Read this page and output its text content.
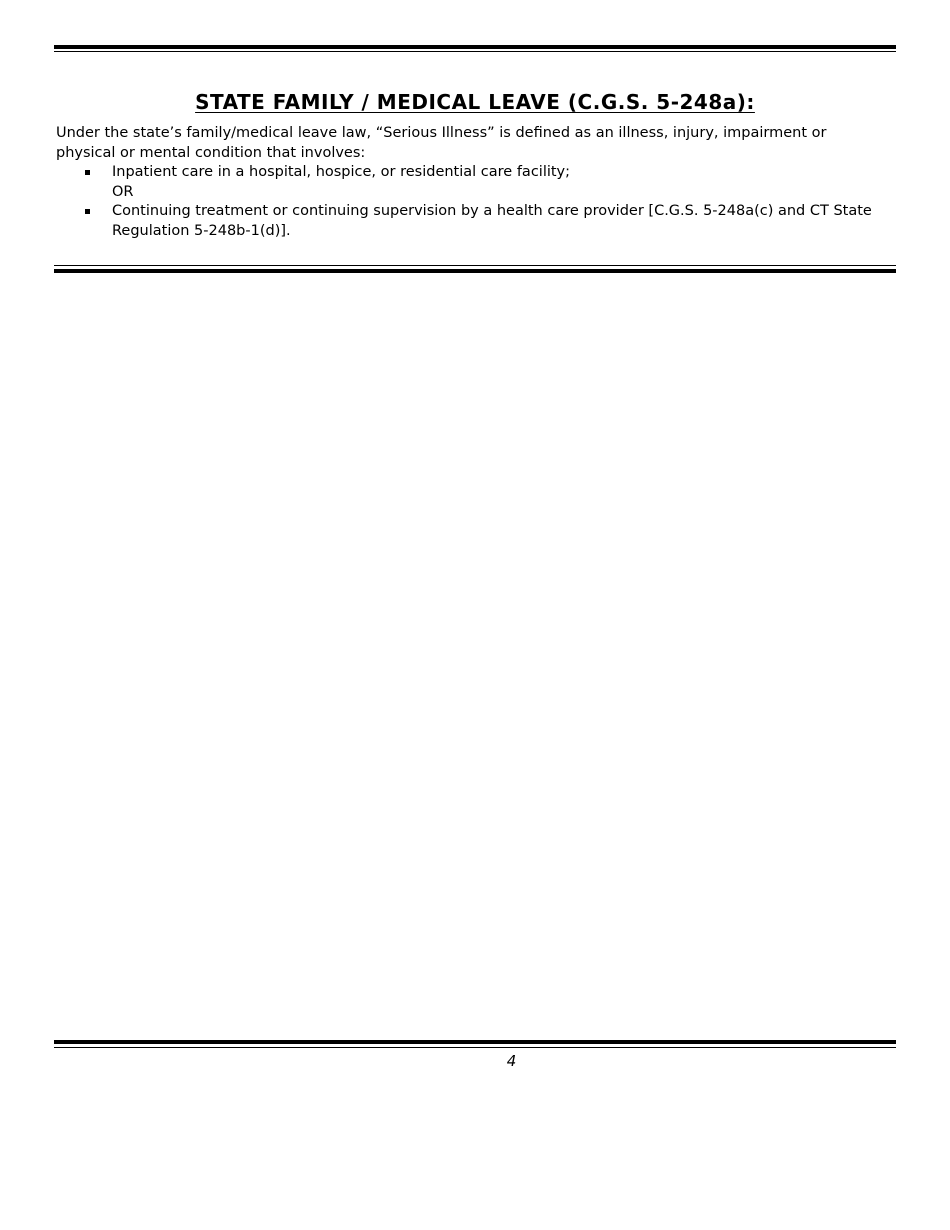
STATE FAMILY / MEDICAL LEAVE (C.G.S. 5-248a):

Under the state’s family/medical leave law, “Serious Illness” is defined as an illness, injury, impairment or physical or mental condition that involves:

Inpatient care in a hospital, hospice, or residential care facility;
OR
Continuing treatment or continuing supervision by a health care provider [C.G.S. 5-248a(c) and CT State Regulation 5-248b-1(d)].
4
